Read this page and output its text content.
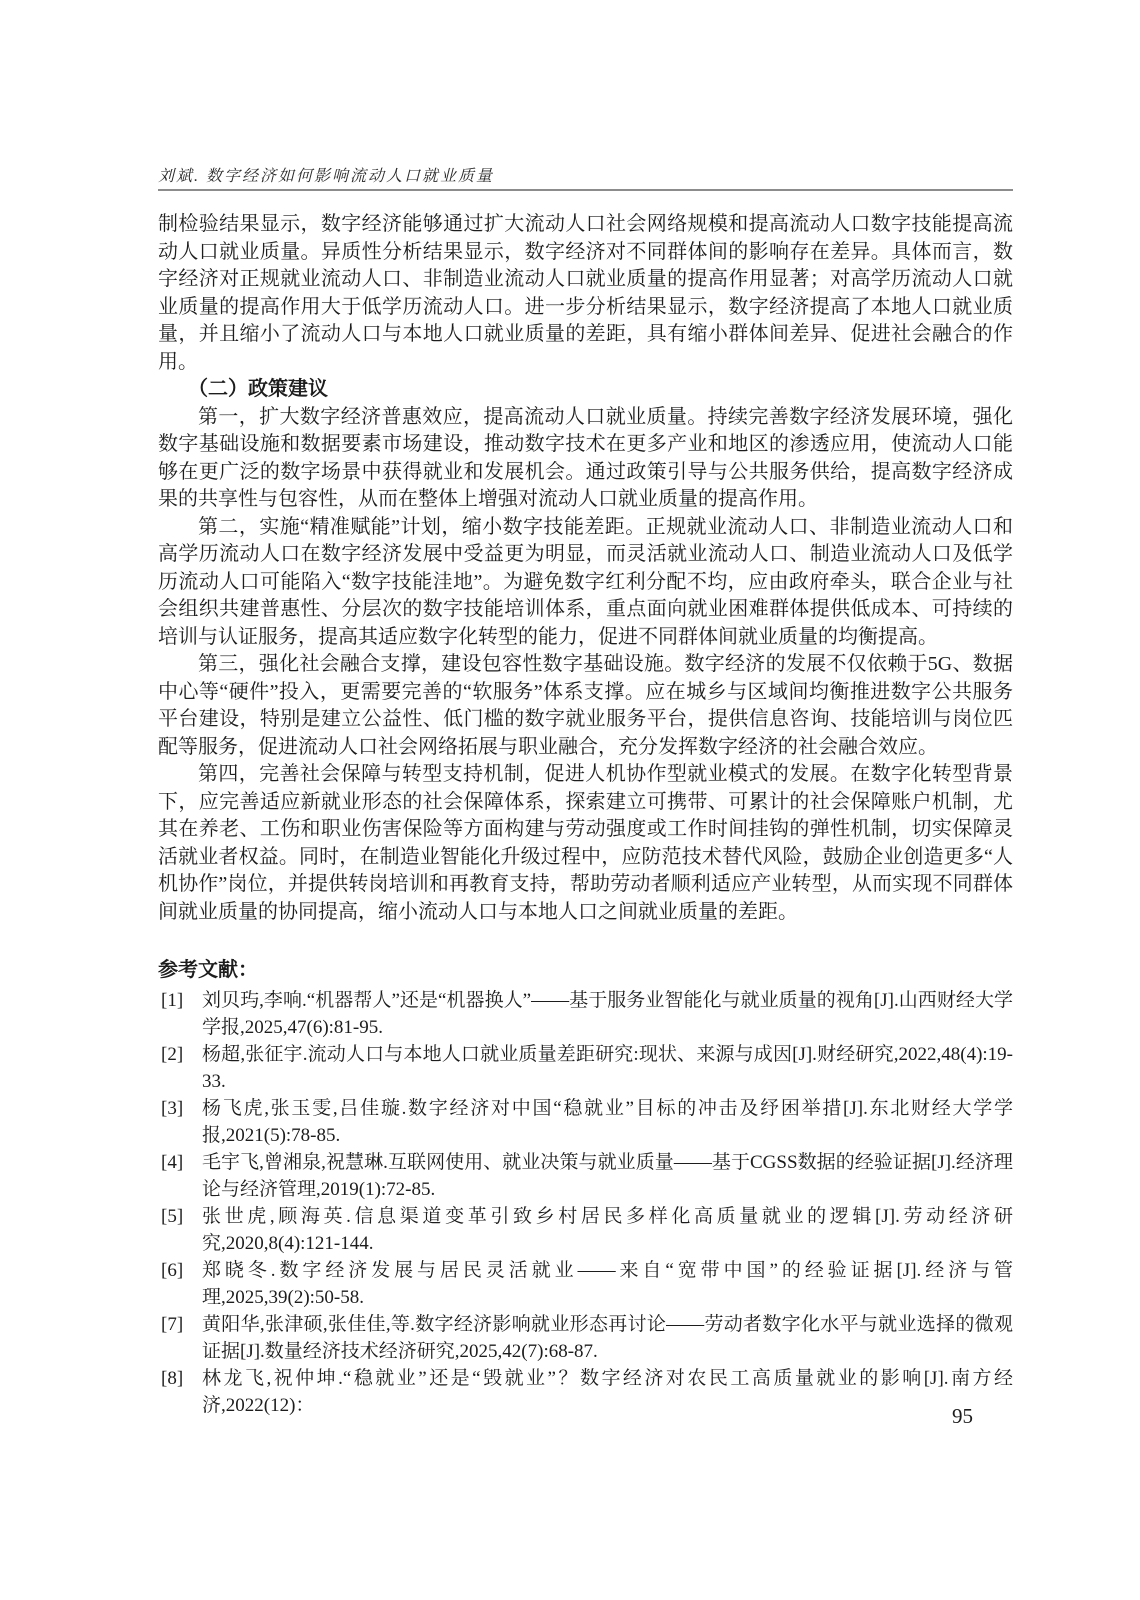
刘斌. 数字经济如何影响流动人口就业质量

制检验结果显示，数字经济能够通过扩大流动人口社会网络规模和提高流动人口数字技能提高流动人口就业质量。异质性分析结果显示，数字经济对不同群体间的影响存在差异。具体而言，数字经济对正规就业流动人口、非制造业流动人口就业质量的提高作用显著；对高学历流动人口就业质量的提高作用大于低学历流动人口。进一步分析结果显示，数字经济提高了本地人口就业质量，并且缩小了流动人口与本地人口就业质量的差距，具有缩小群体间差异、促进社会融合的作用。

（二）政策建议

第一，扩大数字经济普惠效应，提高流动人口就业质量。持续完善数字经济发展环境，强化数字基础设施和数据要素市场建设，推动数字技术在更多产业和地区的渗透应用，使流动人口能够在更广泛的数字场景中获得就业和发展机会。通过政策引导与公共服务供给，提高数字经济成果的共享性与包容性，从而在整体上增强对流动人口就业质量的提高作用。

第二，实施“精准赋能”计划，缩小数字技能差距。正规就业流动人口、非制造业流动人口和高学历流动人口在数字经济发展中受益更为明显，而灵活就业流动人口、制造业流动人口及低学历流动人口可能陷入“数字技能洼地”。为避免数字红利分配不均，应由政府牵头，联合企业与社会组织共建普惠性、分层次的数字技能培训体系，重点面向就业困难群体提供低成本、可持续的培训与认证服务，提高其适应数字化转型的能力，促进不同群体间就业质量的均衡提高。

第三，强化社会融合支撑，建设包容性数字基础设施。数字经济的发展不仅依赖于5G、数据中心等“硬件”投入，更需要完善的“软服务”体系支撑。应在城乡与区域间均衡推进数字公共服务平台建设，特别是建立公益性、低门槛的数字就业服务平台，提供信息咨询、技能培训与岗位匹配等服务，促进流动人口社会网络拓展与职业融合，充分发挥数字经济的社会融合效应。

第四，完善社会保障与转型支持机制，促进人机协作型就业模式的发展。在数字化转型背景下，应完善适应新就业形态的社会保障体系，探索建立可携带、可累计的社会保障账户机制，尤其在养老、工伤和职业伤害保险等方面构建与劳动强度或工作时间挂钩的弹性机制，切实保障灵活就业者权益。同时，在制造业智能化升级过程中，应防范技术替代风险，鼓励企业创造更多“人机协作”岗位，并提供转岗培训和再教育支持，帮助劳动者顺利适应产业转型，从而实现不同群体间就业质量的协同提高，缩小流动人口与本地人口之间就业质量的差距。

参考文献：
[1] 刘贝玙,李响.“机器帮人”还是“机器换人”——基于服务业智能化与就业质量的视角[J].山西财经大学学报,2025,47(6):81-95.
[2] 杨超,张征宇.流动人口与本地人口就业质量差距研究:现状、来源与成因[J].财经研究,2022,48(4):19-33.
[3] 杨飞虎,张玉雯,吕佳璇.数字经济对中国“稳就业”目标的冲击及纾困举措[J].东北财经大学学报,2021(5):78-85.
[4] 毛宇飞,曾湘泉,祝慧琳.互联网使用、就业决策与就业质量——基于CGSS数据的经验证据[J].经济理论与经济管理,2019(1):72-85.
[5] 张世虎,顾海英.信息渠道变革引致乡村居民多样化高质量就业的逻辑[J].劳动经济研究,2020,8(4):121-144.
[6] 郑晓冬.数字经济发展与居民灵活就业——来自“宽带中国”的经验证据[J].经济与管理,2025,39(2):50-58.
[7] 黄阳华,张津硕,张佳佳,等.数字经济影响就业形态再讨论——劳动者数字化水平与就业选择的微观证据[J].数量经济技术经济研究,2025,42(7):68-87.
[8] 林龙飞,祝仲坤.“稳就业”还是“毁就业”？数字经济对农民工高质量就业的影响[J].南方经济,2022(12)：	95
